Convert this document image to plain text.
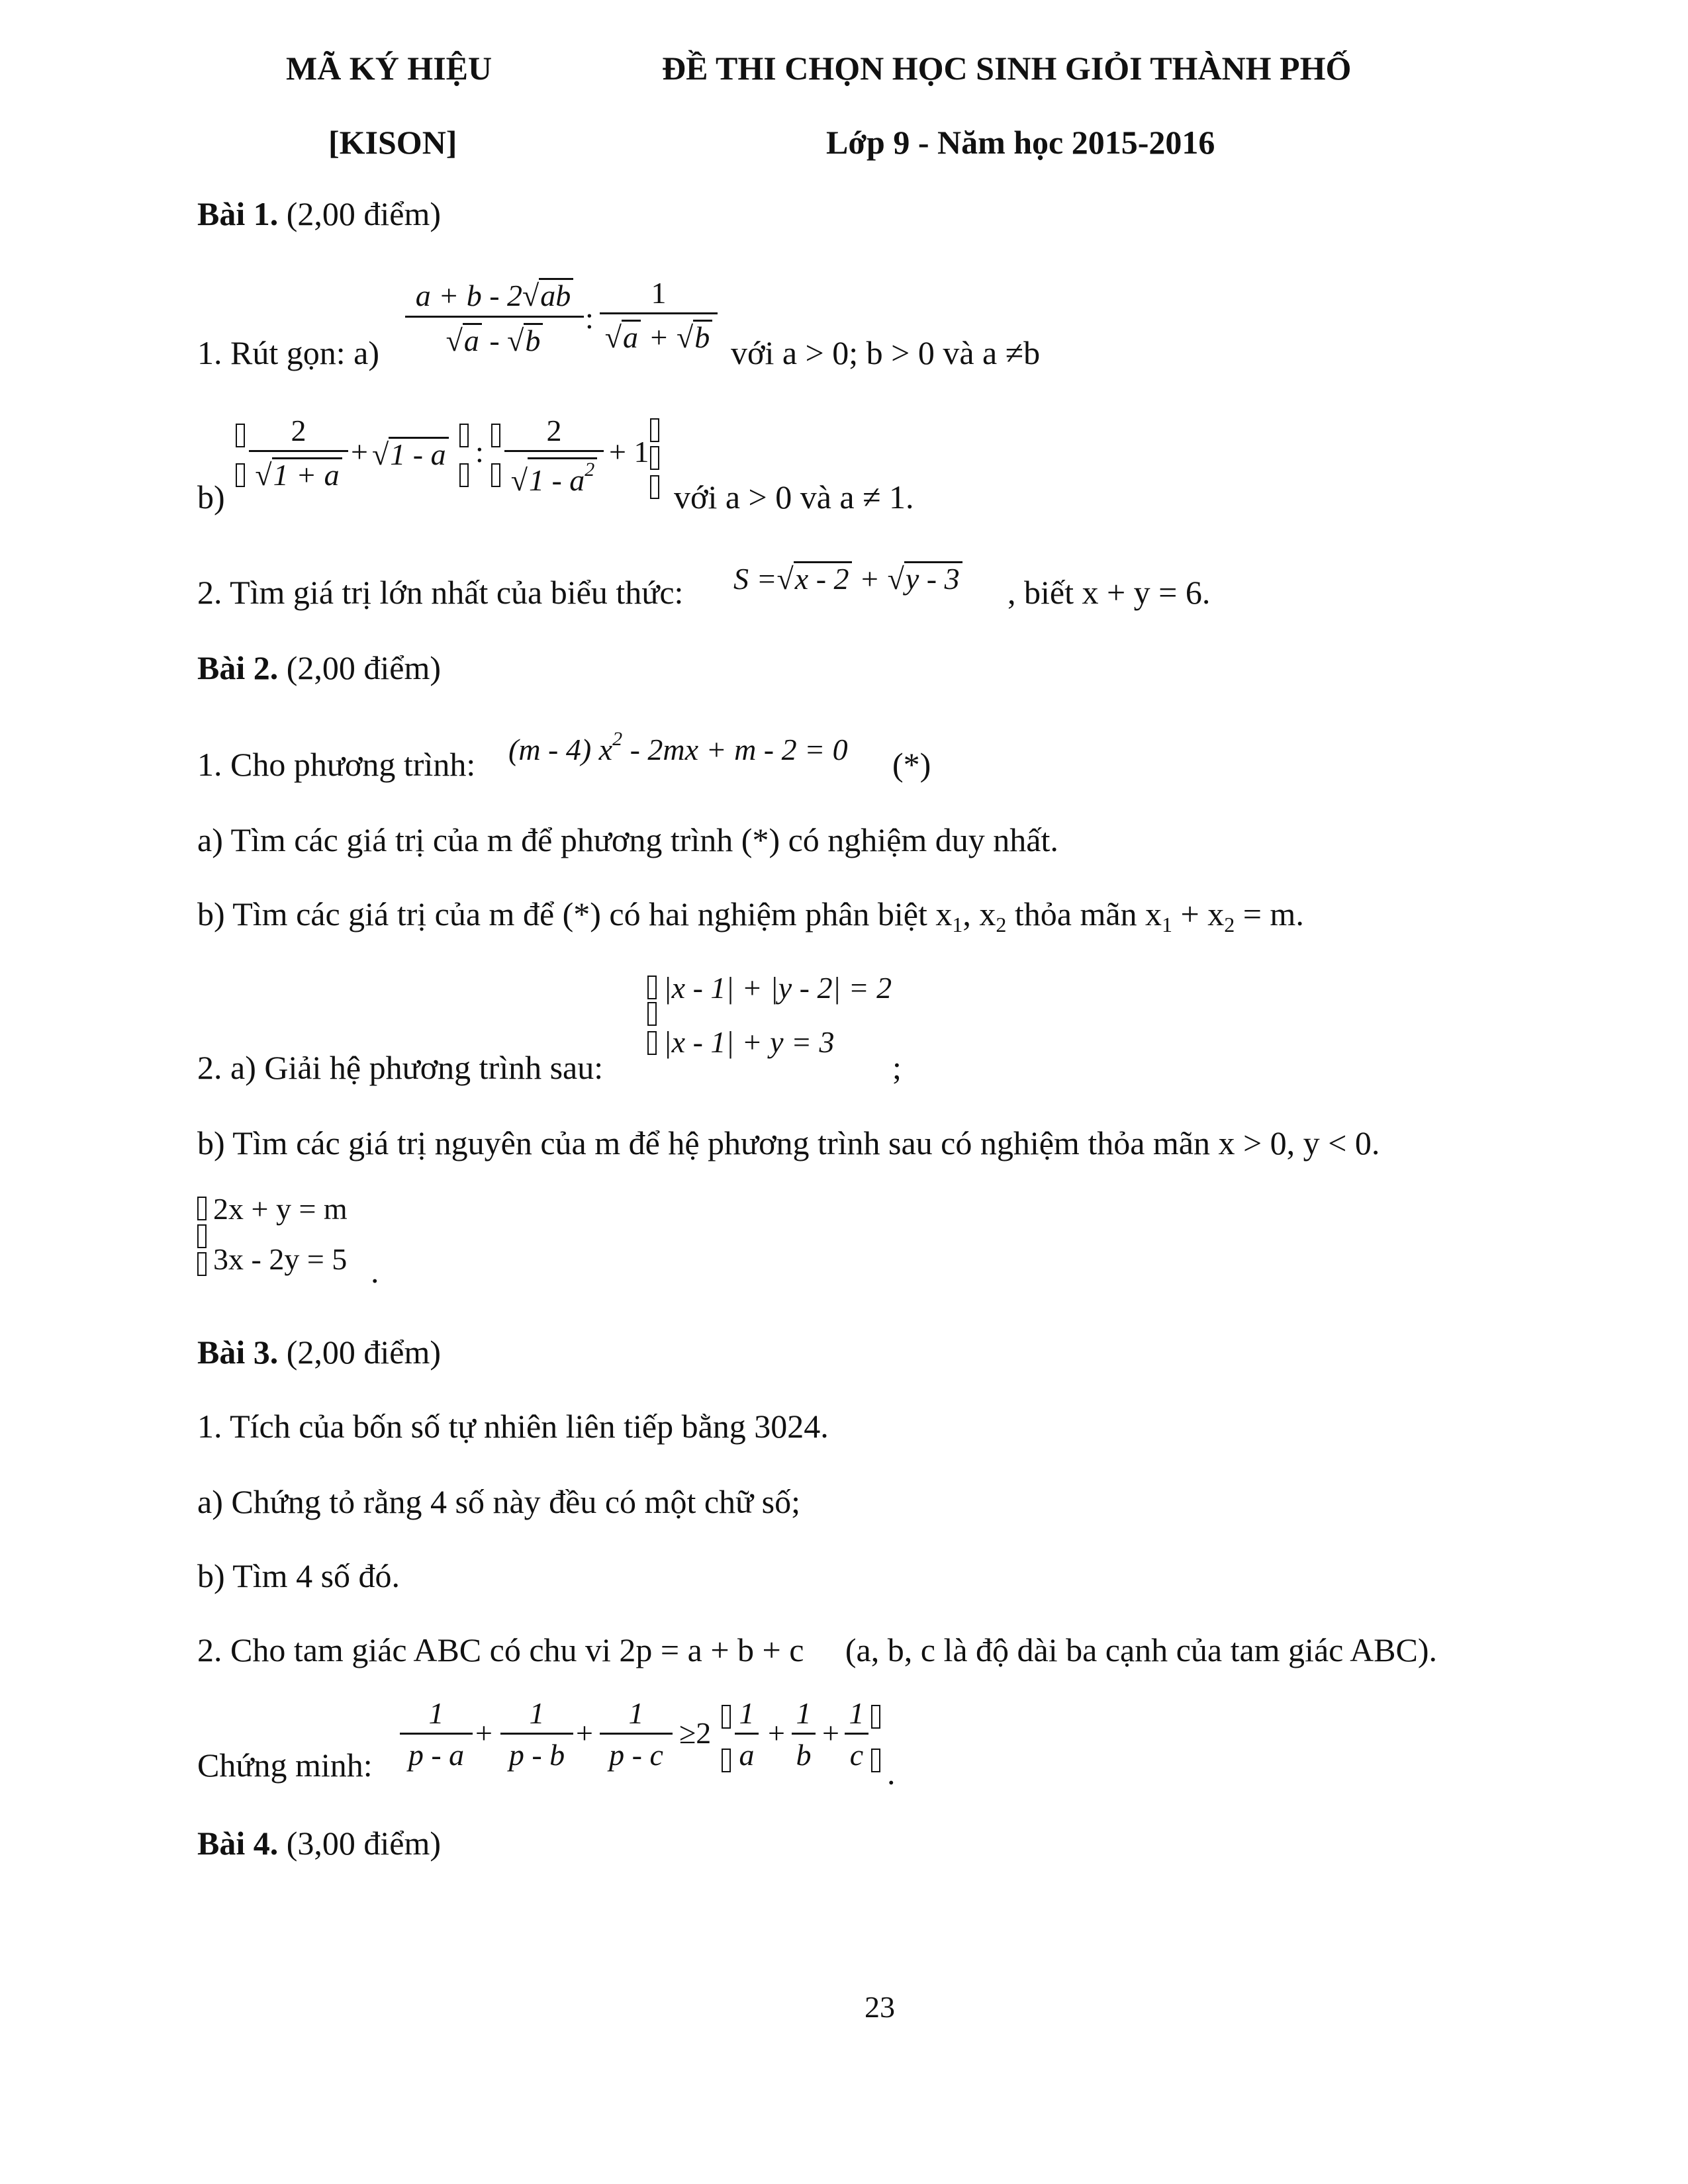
MÃ KÝ HIỆU	ĐỀ THI CHỌN HỌC SINH GIỎI THÀNH PHỐ
[KISON]	Lớp 9 - Năm học 2015-2016
Bài 1. (2,00 điểm)
1. Rút gọn: a)
a + b - 2√ab
√a - √b
:
1
√a + √b với a > 0; b > 0 và a ≠b
b)
2
√1 + a
+ √1 - a :
2
$√1 - a^2$
+ 1
với a > 0 và a ≠ 1.
2. Tìm giá trị lớn nhất của biểu thức: S =√x - 2 + √y - 3 , biết x + y = 6.
Bài 2. (2,00 điểm)
1. Cho phương trình: (m - 4) $x^2 - 2mx + m - 2 = 0$ (*)
a) Tìm các giá trị của m để phương trình (*) có nghiệm duy nhất.
b) Tìm các giá trị của m để (*) có hai nghiệm phân biệt $x_1$, $x_2$ thỏa mãn $x_1 + x_2 = m$.
|x - 1| + |y - 2| = 2
|x - 1| + y = 3
2. a) Giải hệ phương trình sau:	;
b) Tìm các giá trị nguyên của m để hệ phương trình sau có nghiệm thỏa mãn x > 0, y < 0.
2x + y = m
3x - 2y = 5 .
Bài 3. (2,00 điểm)
1. Tích của bốn số tự nhiên liên tiếp bằng 3024.
a) Chứng tỏ rằng 4 số này đều có một chữ số;
b) Tìm 4 số đó.
2. Cho tam giác ABC có chu vi 2p = a + b + c     (a, b, c là độ dài ba cạnh của tam giác ABC).
Chứng minh:
1
p - a
+
1
p - b
+
1
p - c
≥2
1
a
+
1
b
+
1
c .
Bài 4. (3,00 điểm)
23
